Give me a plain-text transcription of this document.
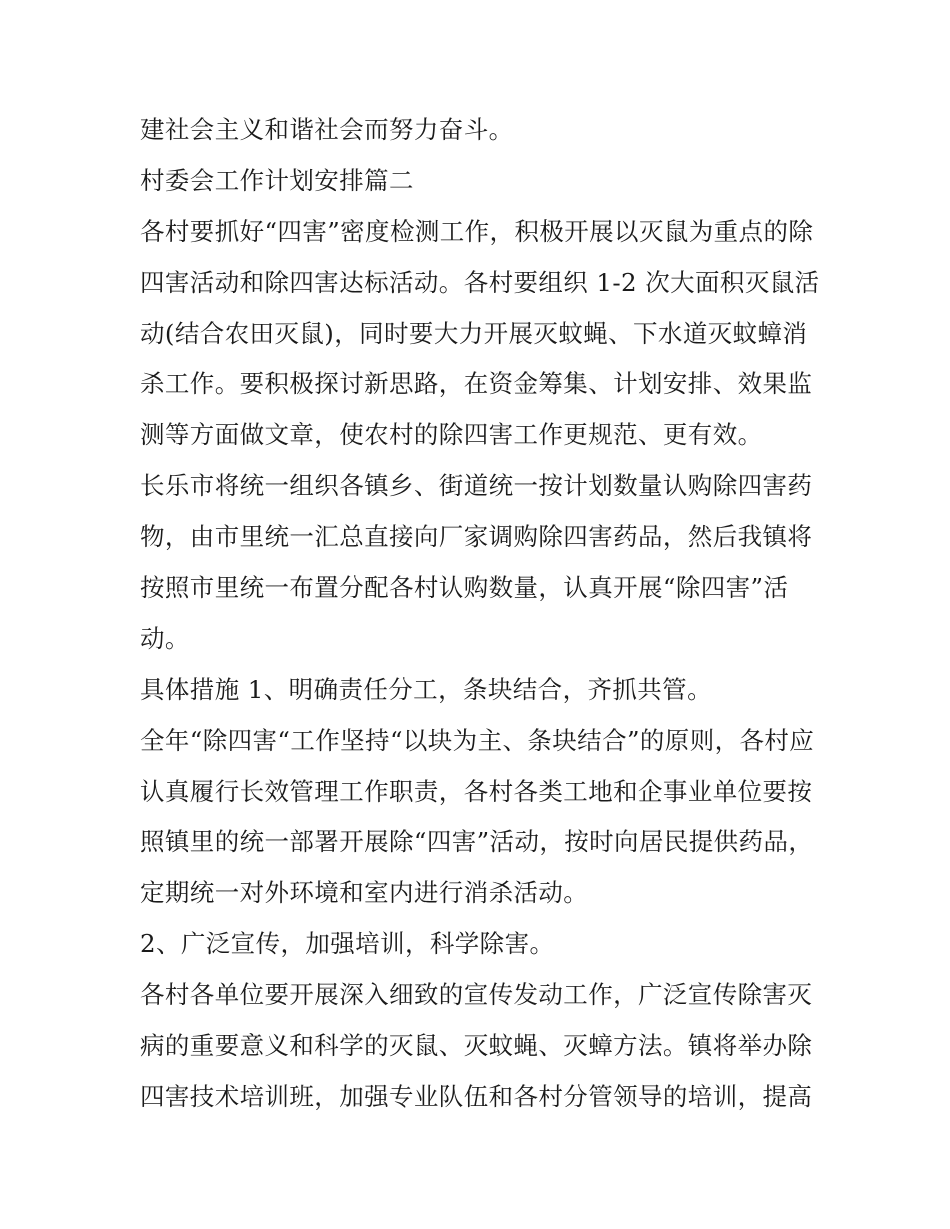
建社会主义和谐社会而努力奋斗。
村委会工作计划安排篇二
各村要抓好“四害”密度检测工作，积极开展以灭鼠为重点的除
四害活动和除四害达标活动。各村要组织 1-2 次大面积灭鼠活
动(结合农田灭鼠)，同时要大力开展灭蚊蝇、下水道灭蚊蟑消
杀工作。要积极探讨新思路，在资金筹集、计划安排、效果监
测等方面做文章，使农村的除四害工作更规范、更有效。
长乐市将统一组织各镇乡、街道统一按计划数量认购除四害药
物，由市里统一汇总直接向厂家调购除四害药品，然后我镇将
按照市里统一布置分配各村认购数量，认真开展“除四害”活
动。
具体措施 1、明确责任分工，条块结合，齐抓共管。
全年“除四害“工作坚持“以块为主、条块结合”的原则，各村应
认真履行长效管理工作职责，各村各类工地和企事业单位要按
照镇里的统一部署开展除“四害”活动，按时向居民提供药品，
定期统一对外环境和室内进行消杀活动。
2、广泛宣传，加强培训，科学除害。
各村各单位要开展深入细致的宣传发动工作，广泛宣传除害灭
病的重要意义和科学的灭鼠、灭蚊蝇、灭蟑方法。镇将举办除
四害技术培训班，加强专业队伍和各村分管领导的培训，提高
